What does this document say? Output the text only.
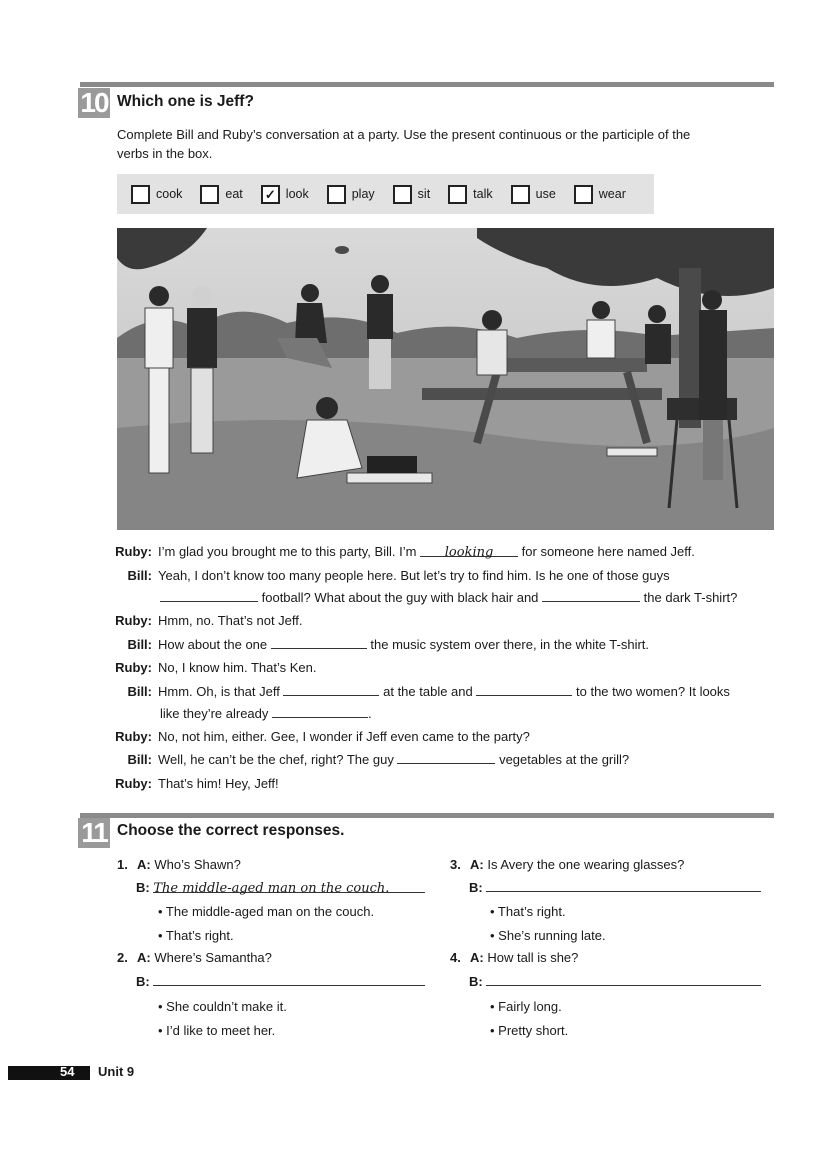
10 Which one is Jeff?
Complete Bill and Ruby’s conversation at a party. Use the present continuous or the participle of the verbs in the box.
cook	eat	✓ look	play	sit	talk	use	wear
Ruby: I’m glad you brought me to this party, Bill. I’m looking for someone here named Jeff.
Bill: Yeah, I don’t know too many people here. But let’s try to find him. Is he one of those guys
football? What about the guy with black hair and	the dark T-shirt?
Ruby: Hmm, no. That’s not Jeff.
Bill: How about the one	the music system over there, in the white T-shirt.
Ruby: No, I know him. That’s Ken.
Bill: Hmm. Oh, is that Jeff	at the table and	to the two women? It looks
like they’re already	.
Ruby: No, not him, either. Gee, I wonder if Jeff even came to the party?
Bill: Well, he can’t be the chef, right? The guy	vegetables at the grill?
Ruby: That’s him! Hey, Jeff!
11 Choose the correct responses.
1. A: Who’s Shawn?
B: The middle-aged man on the couch.
• The middle-aged man on the couch.
• That’s right.
2. A: Where’s Samantha?
B:
• She couldn’t make it.
• I’d like to meet her.
3. A: Is Avery the one wearing glasses?
B:
• That’s right.
• She’s running late.
4. A: How tall is she?
B:
• Fairly long.
• Pretty short.
54 Unit 9
